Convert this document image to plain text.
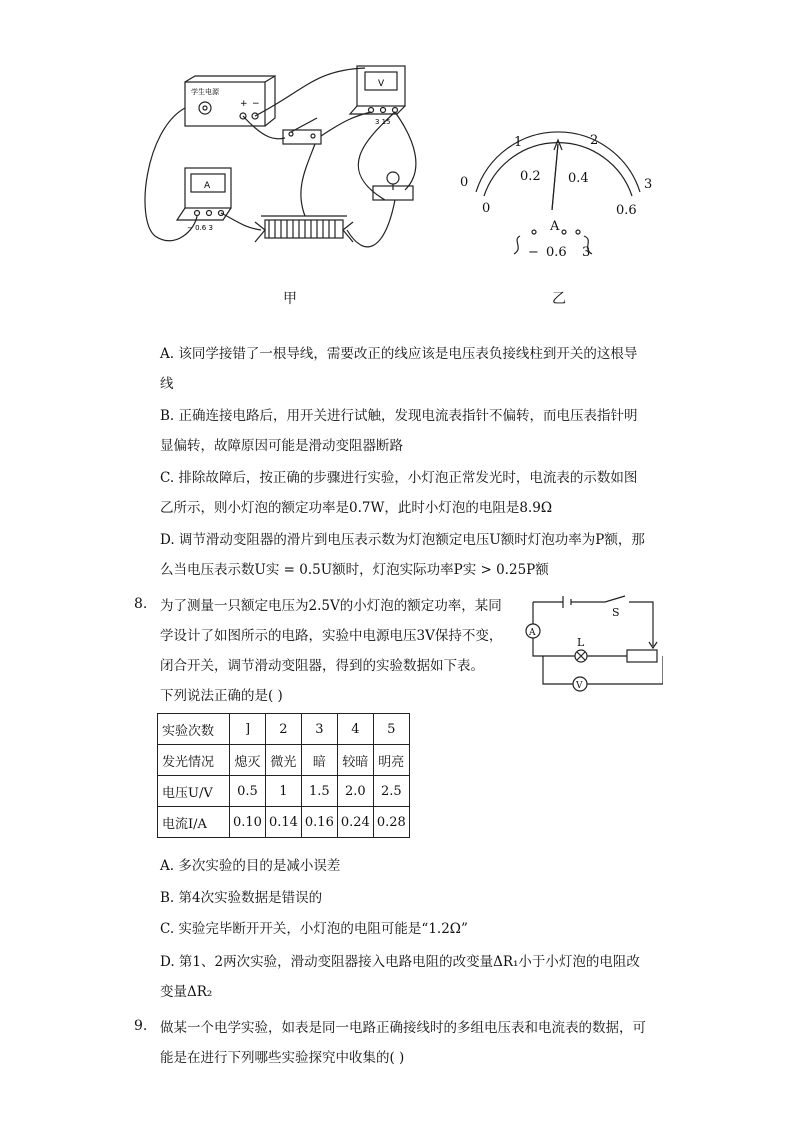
学生电源
+ −
V
A
− 0.6 3
3 15
甲
0
1	2
3
0
0.2 0.4
0.6
A
− 0.6 3
乙
A. 该同学接错了一根导线，需要改正的线应该是电压表负接线柱到开关的这根导
线
B. 正确连接电路后，用开关进行试触，发现电流表指针不偏转，而电压表指针明
显偏转，故障原因可能是滑动变阻器断路
C. 排除故障后，按正确的步骤进行实验，小灯泡正常发光时，电流表的示数如图
乙所示，则小灯泡的额定功率是0.7W，此时小灯泡的电阻是8.9Ω
D. 调节滑动变阻器的滑片到电压表示数为灯泡额定电压U额时灯泡功率为P额，那
么当电压表示数U实 = 0.5U额时，灯泡实际功率P实 > 0.25P额
8. 为了测量一只额定电压为2.5V的小灯泡的额定功率，某同
学设计了如图所示的电路，实验中电源电压3V保持不变，
闭合开关，调节滑动变阻器，得到的实验数据如下表。
下列说法正确的是( )
S
L
A
V
实验次数	]	2	3	4	5
发光情况	熄灭	微光	暗	较暗	明亮
电压U/V	0.5	1	1.5	2.0	2.5
电流I/A	0.10	0.14	0.16	0.24	0.28
A. 多次实验的目的是减小误差
B. 第4次实验数据是错误的
C. 实验完毕断开开关，小灯泡的电阻可能是“1.2Ω”
D. 第1、2两次实验，滑动变阻器接入电路电阻的改变量ΔR₁小于小灯泡的电阻改
变量ΔR₂
9. 做某一个电学实验，如表是同一电路正确接线时的多组电压表和电流表的数据，可
能是在进行下列哪些实验探究中收集的( )
